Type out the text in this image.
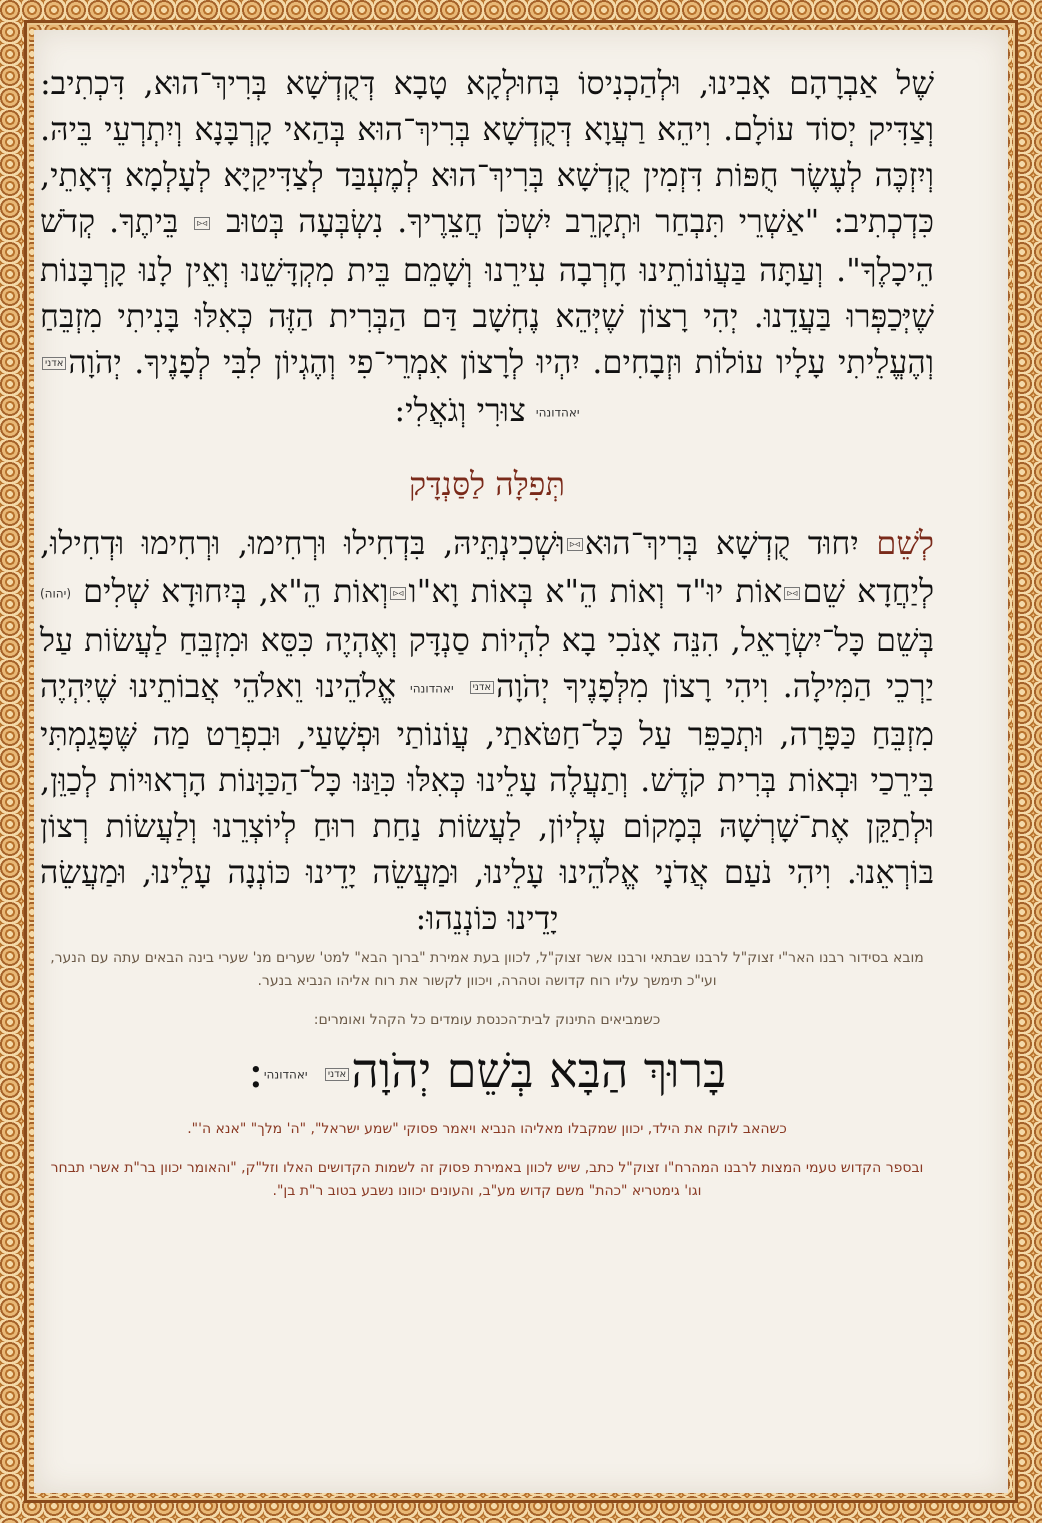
שֶׁל אַבְרָהָם אָבִינוּ, וּלְהַכְנִיסוֹ בְּחוּלְקָא טָבָא דְּקֻדְשָׁא בְּרִיךְ־הוּא, דִּכְתִיב: וְצַדִּיק יְסוֹד עוֹלָם. וִיהֵא רַעֲוָא דְּקֻדְשָׁא בְּרִיךְ־הוּא בְּהַאי קָרְבָּנָא וְיִתְרְעֵי בֵּיהּ. וְיִזְכֶּה לְעֶשֶׂר חֻפּוֹת דִּזְמִין קֻדְשָׁא בְּרִיךְ־הוּא לְמֶעְבַּד לְצַדִּיקַיָּא לְעָלְמָא דְּאָתֵי, כִּדְכְתִיב: "אַשְׁרֵי תִּבְחַר וּתְקָרֵב יִשְׁכֹּן חֲצֵרֶיךָ. נִשְׂבְּעָה בְּטוּב ◃▹ בֵּיתֶךָ. קְדֹשׁ הֵיכָלֶךָ". וְעַתָּה בַּעֲוֹנוֹתֵינוּ חָרְבָה עִירֵנוּ וְשָׁמֵם בֵּית מִקְדָּשֵׁנוּ וְאֵין לָנוּ קָרְבָּנוֹת שֶׁיְּכַפְּרוּ בַּעֲדֵנוּ. יְהִי רָצוֹן שֶׁיְּהֵא נֶחְשָׁב דַּם הַבְּרִית הַזֶּה כְּאִלּוּ בָּנִיתִי מִזְבֵּחַ וְהֶעֱלֵיתִי עָלָיו עוֹלוֹת וּזְבָחִים. יִהְיוּ לְרָצוֹן אִמְרֵי־פִי וְהֶגְיוֹן לִבִּי לְפָנֶיךָ. יְהֹוָהאדני יאהדונהי צוּרִי וְגֹאֲלִי:

תְּפִלָּה לַסַּנְדָּק

לְשֵׁם יִחוּד קֻדְשָׁא בְּרִיךְ־הוּא◃▹וּשְׁכִינְתֵּיהּ, בִּדְחִילוּ וּרְחִימוּ, וּרְחִימוּ וּדְחִילוּ, לְיַחֲדָא שֵׁם◃▹אוֹת יוּ"ד וְאוֹת הֵ"א בְּאוֹת וָא"ו◃▹וְאוֹת הֵ"א, בְּיִחוּדָא שְׁלִים (יהוה) בְּשֵׁם כָּל־יִשְׂרָאֵל, הִנֵּה אָנֹכִי בָא לִהְיוֹת סַנְדָּק וְאֶהְיֶה כִּסֵּא וּמִזְבֵּחַ לַעֲשׂוֹת עַל יַרְכֵי הַמִּילָה. וִיהִי רָצוֹן מִלְּפָנֶיךָ יְהֹוָהאדני יאהדונהי אֱלֹהֵינוּ וֵאלֹהֵי אֲבוֹתֵינוּ שֶׁיִּהְיֶה מִזְבֵּחַ כַּפָּרָה, וּתְכַפֵּר עַל כָּל־חַטֹּאתַי, עֲוֹנוֹתַי וּפְשָׁעַי, וּבִפְרַט מַה שֶּׁפָּגַמְתִּי בִּירֵכַי וּבְאוֹת בְּרִית קֹדֶשׁ. וְתַעֲלֶה עָלֵינוּ כְּאִלּוּ כִּוַּנּוּ כָּל־הַכַּוָּנוֹת הָרְאוּיוֹת לְכַוֵּן, וּלְתַקֵּן אֶת־שָׁרְשָׁהּ בְּמָקוֹם עֶלְיוֹן, לַעֲשׂוֹת נַחַת רוּחַ לְיוֹצְרֵנוּ וְלַעֲשׂוֹת רְצוֹן בּוֹרְאֵנוּ. וִיהִי נֹעַם אֲדֹנָי אֱלֹהֵינוּ עָלֵינוּ, וּמַעֲשֵׂה יָדֵינוּ כּוֹנְנָה עָלֵינוּ, וּמַעֲשֵׂה יָדֵינוּ כּוֹנְנֵהוּ:

מובא בסידור רבנו האר"י זצוק"ל לרבנו שבתאי ורבנו אשר זצוק"ל, לכוון בעת אמירת "ברוך הבא" למט' שערים מנ' שערי בינה הבאים עתה עם הנער, ועי"כ תימשך עליו רוח קדושה וטהרה, ויכוון לקשור את רוח אליהו הנביא בנער.

כשמביאים התינוק לבית־הכנסת עומדים כל הקהל ואומרים:

בָּרוּךְ הַבָּא בְּשֵׁם יְהֹוָהאדני יאהדונהי:

כשהאב לוקח את הילד, יכוון שמקבלו מאליהו הנביא ויאמר פסוקי "שמע ישראל", "ה' מלך" "אנא ה'".

ובספר הקדוש טעמי המצות לרבנו המהרח"ו זצוק"ל כתב, שיש לכוון באמירת פסוק זה לשמות הקדושים האלו וזל"ק, "והאומר יכוון בר"ת אשרי תבחר וגו' גימטריא "כהת" משם קדוש מע"ב, והעונים יכוונו נשבע בטוב ר"ת בן".
